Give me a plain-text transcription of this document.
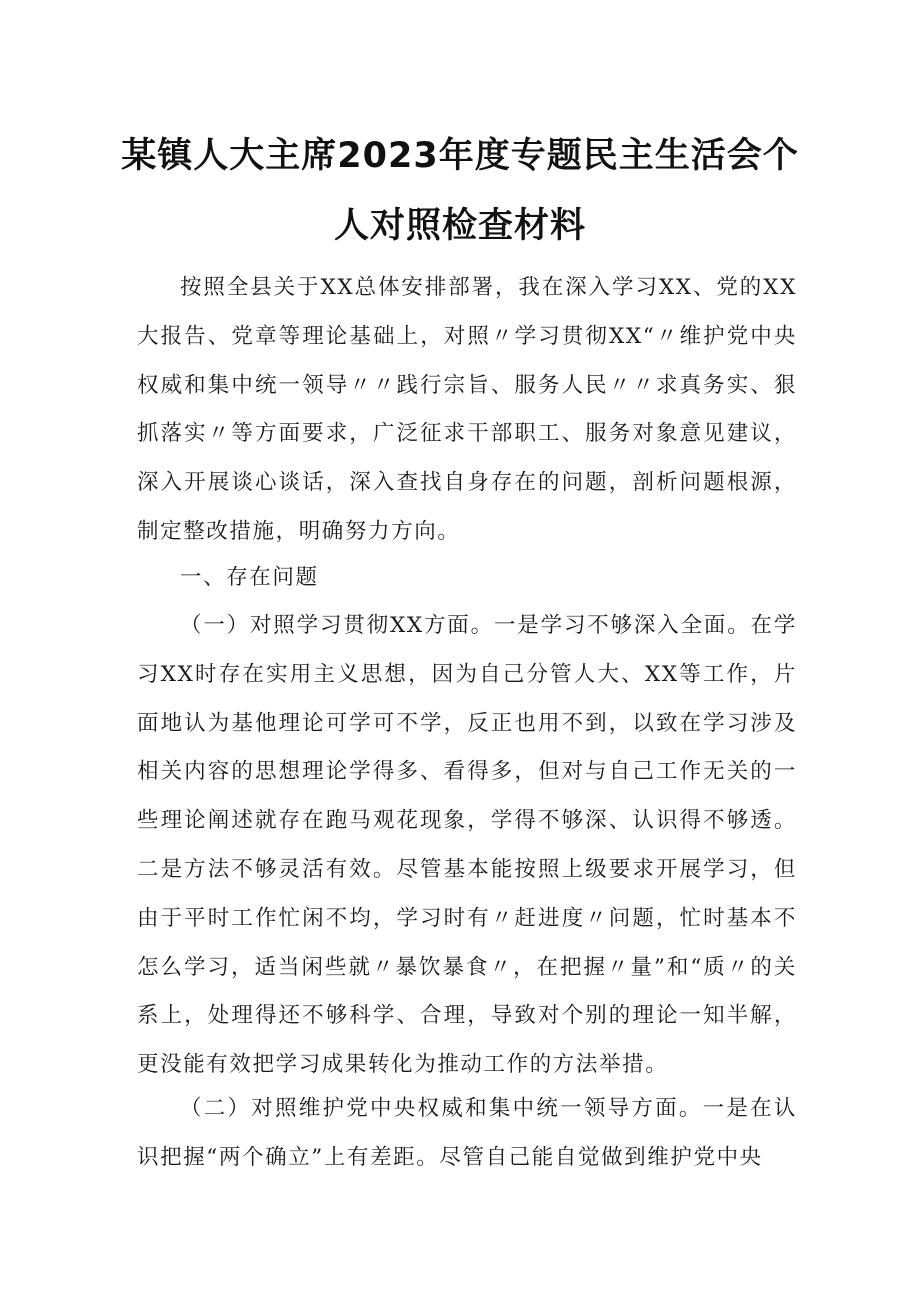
某镇人大主席2023年度专题民主生活会个
人对照检查材料
按照全县关于XX总体安排部署，我在深入学习XX、党的XX大报告、党章等理论基础上，对照〃学习贯彻XX“〃维护党中央权威和集中统一领导〃〃践行宗旨、服务人民〃〃求真务实、狠抓落实〃等方面要求，广泛征求干部职工、服务对象意见建议，深入开展谈心谈话，深入查找自身存在的问题，剖析问题根源，制定整改措施，明确努力方向。
一、存在问题
（一）对照学习贯彻XX方面。一是学习不够深入全面。在学习XX时存在实用主义思想，因为自己分管人大、XX等工作，片面地认为基他理论可学可不学，反正也用不到，以致在学习涉及相关内容的思想理论学得多、看得多，但对与自己工作无关的一些理论阐述就存在跑马观花现象，学得不够深、认识得不够透。二是方法不够灵活有效。尽管基本能按照上级要求开展学习，但由于平时工作忙闲不均，学习时有〃赶进度〃问题，忙时基本不怎么学习，适当闲些就〃暴饮暴食〃，在把握〃量”和“质〃的关系上，处理得还不够科学、合理，导致对个别的理论一知半解，更没能有效把学习成果转化为推动工作的方法举措。
（二）对照维护党中央权威和集中统一领导方面。一是在认识把握“两个确立”上有差距。尽管自己能自觉做到维护党中央
